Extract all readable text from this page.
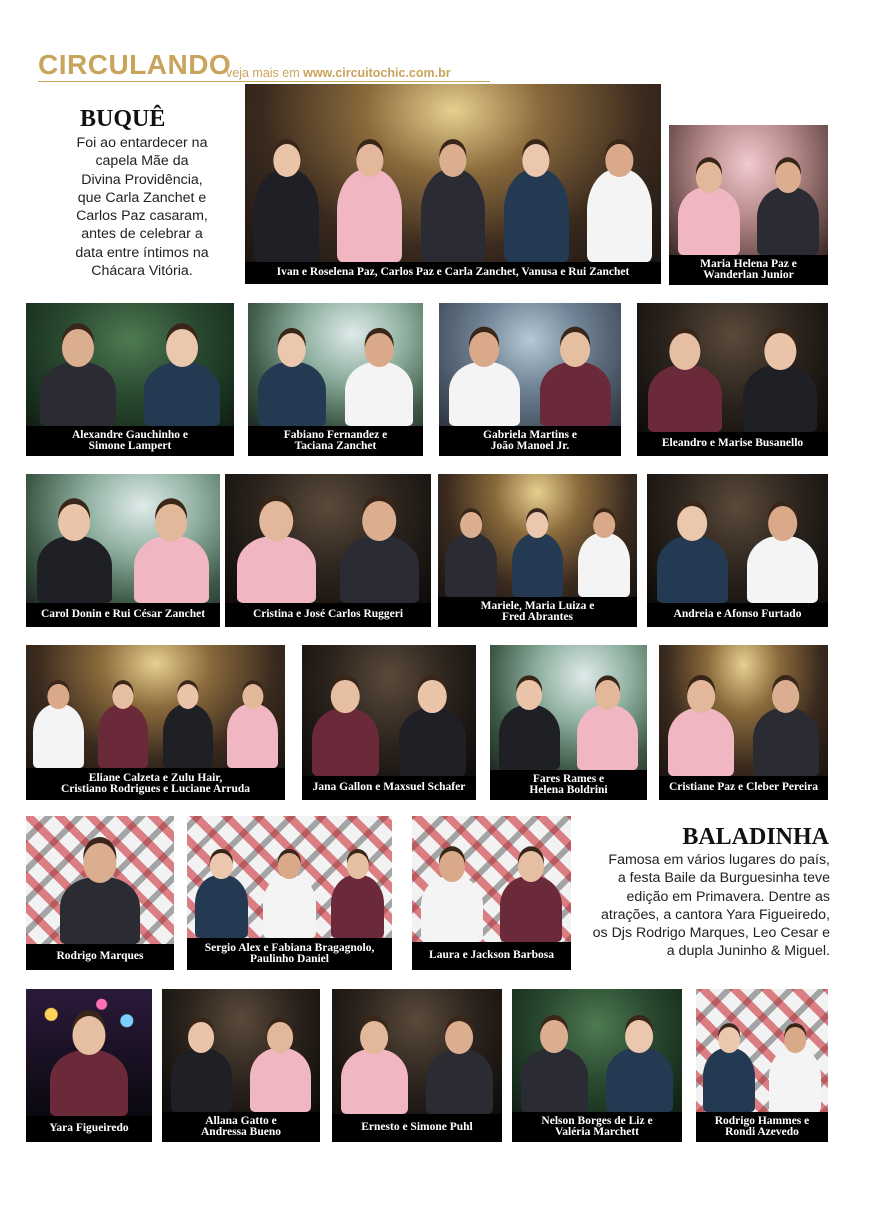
CIRCULANDO
veja mais em www.circuitochic.com.br
BUQUÊ
Foi ao entardecer na
capela Mãe da
Divina Providência,
que Carla Zanchet e
Carlos Paz casaram,
antes de celebrar a
data entre íntimos na
Chácara Vitória.
BALADINHA
Famosa em vários lugares do país,
a festa Baile da Burguesinha teve
edição em Primavera. Dentre as
atrações, a cantora Yara Figueiredo,
os Djs Rodrigo Marques, Leo Cesar e
a dupla Juninho & Miguel.
Ivan e Roselena Paz, Carlos Paz e Carla Zanchet, Vanusa e Rui Zanchet
Maria Helena Paz e
Wanderlan Junior
Alexandre Gauchinho e
Simone Lampert
Fabiano Fernandez e
Taciana Zanchet
Gabriela Martins e
João Manoel Jr.	Eleandro e Marise Busanello
Carol Donin e Rui César Zanchet	Cristina e José Carlos Ruggeri
Mariele, Maria Luiza e
Fred Abrantes	Andreia e Afonso Furtado
Eliane Calzeta e Zulu Hair,
Cristiano Rodrigues e Luciane Arruda	Jana Gallon e Maxsuel Schafer
Fares Rames e
Helena Boldrini	Cristiane Paz e Cleber Pereira
Rodrigo Marques
Sergio Alex e Fabiana Bragagnolo,
Paulinho Daniel	Laura e Jackson Barbosa
Yara Figueiredo
Allana Gatto e
Andressa Bueno	Ernesto e Simone Puhl
Nelson Borges de Liz e
Valéria Marchett
Rodrigo Hammes e
Rondi Azevedo
